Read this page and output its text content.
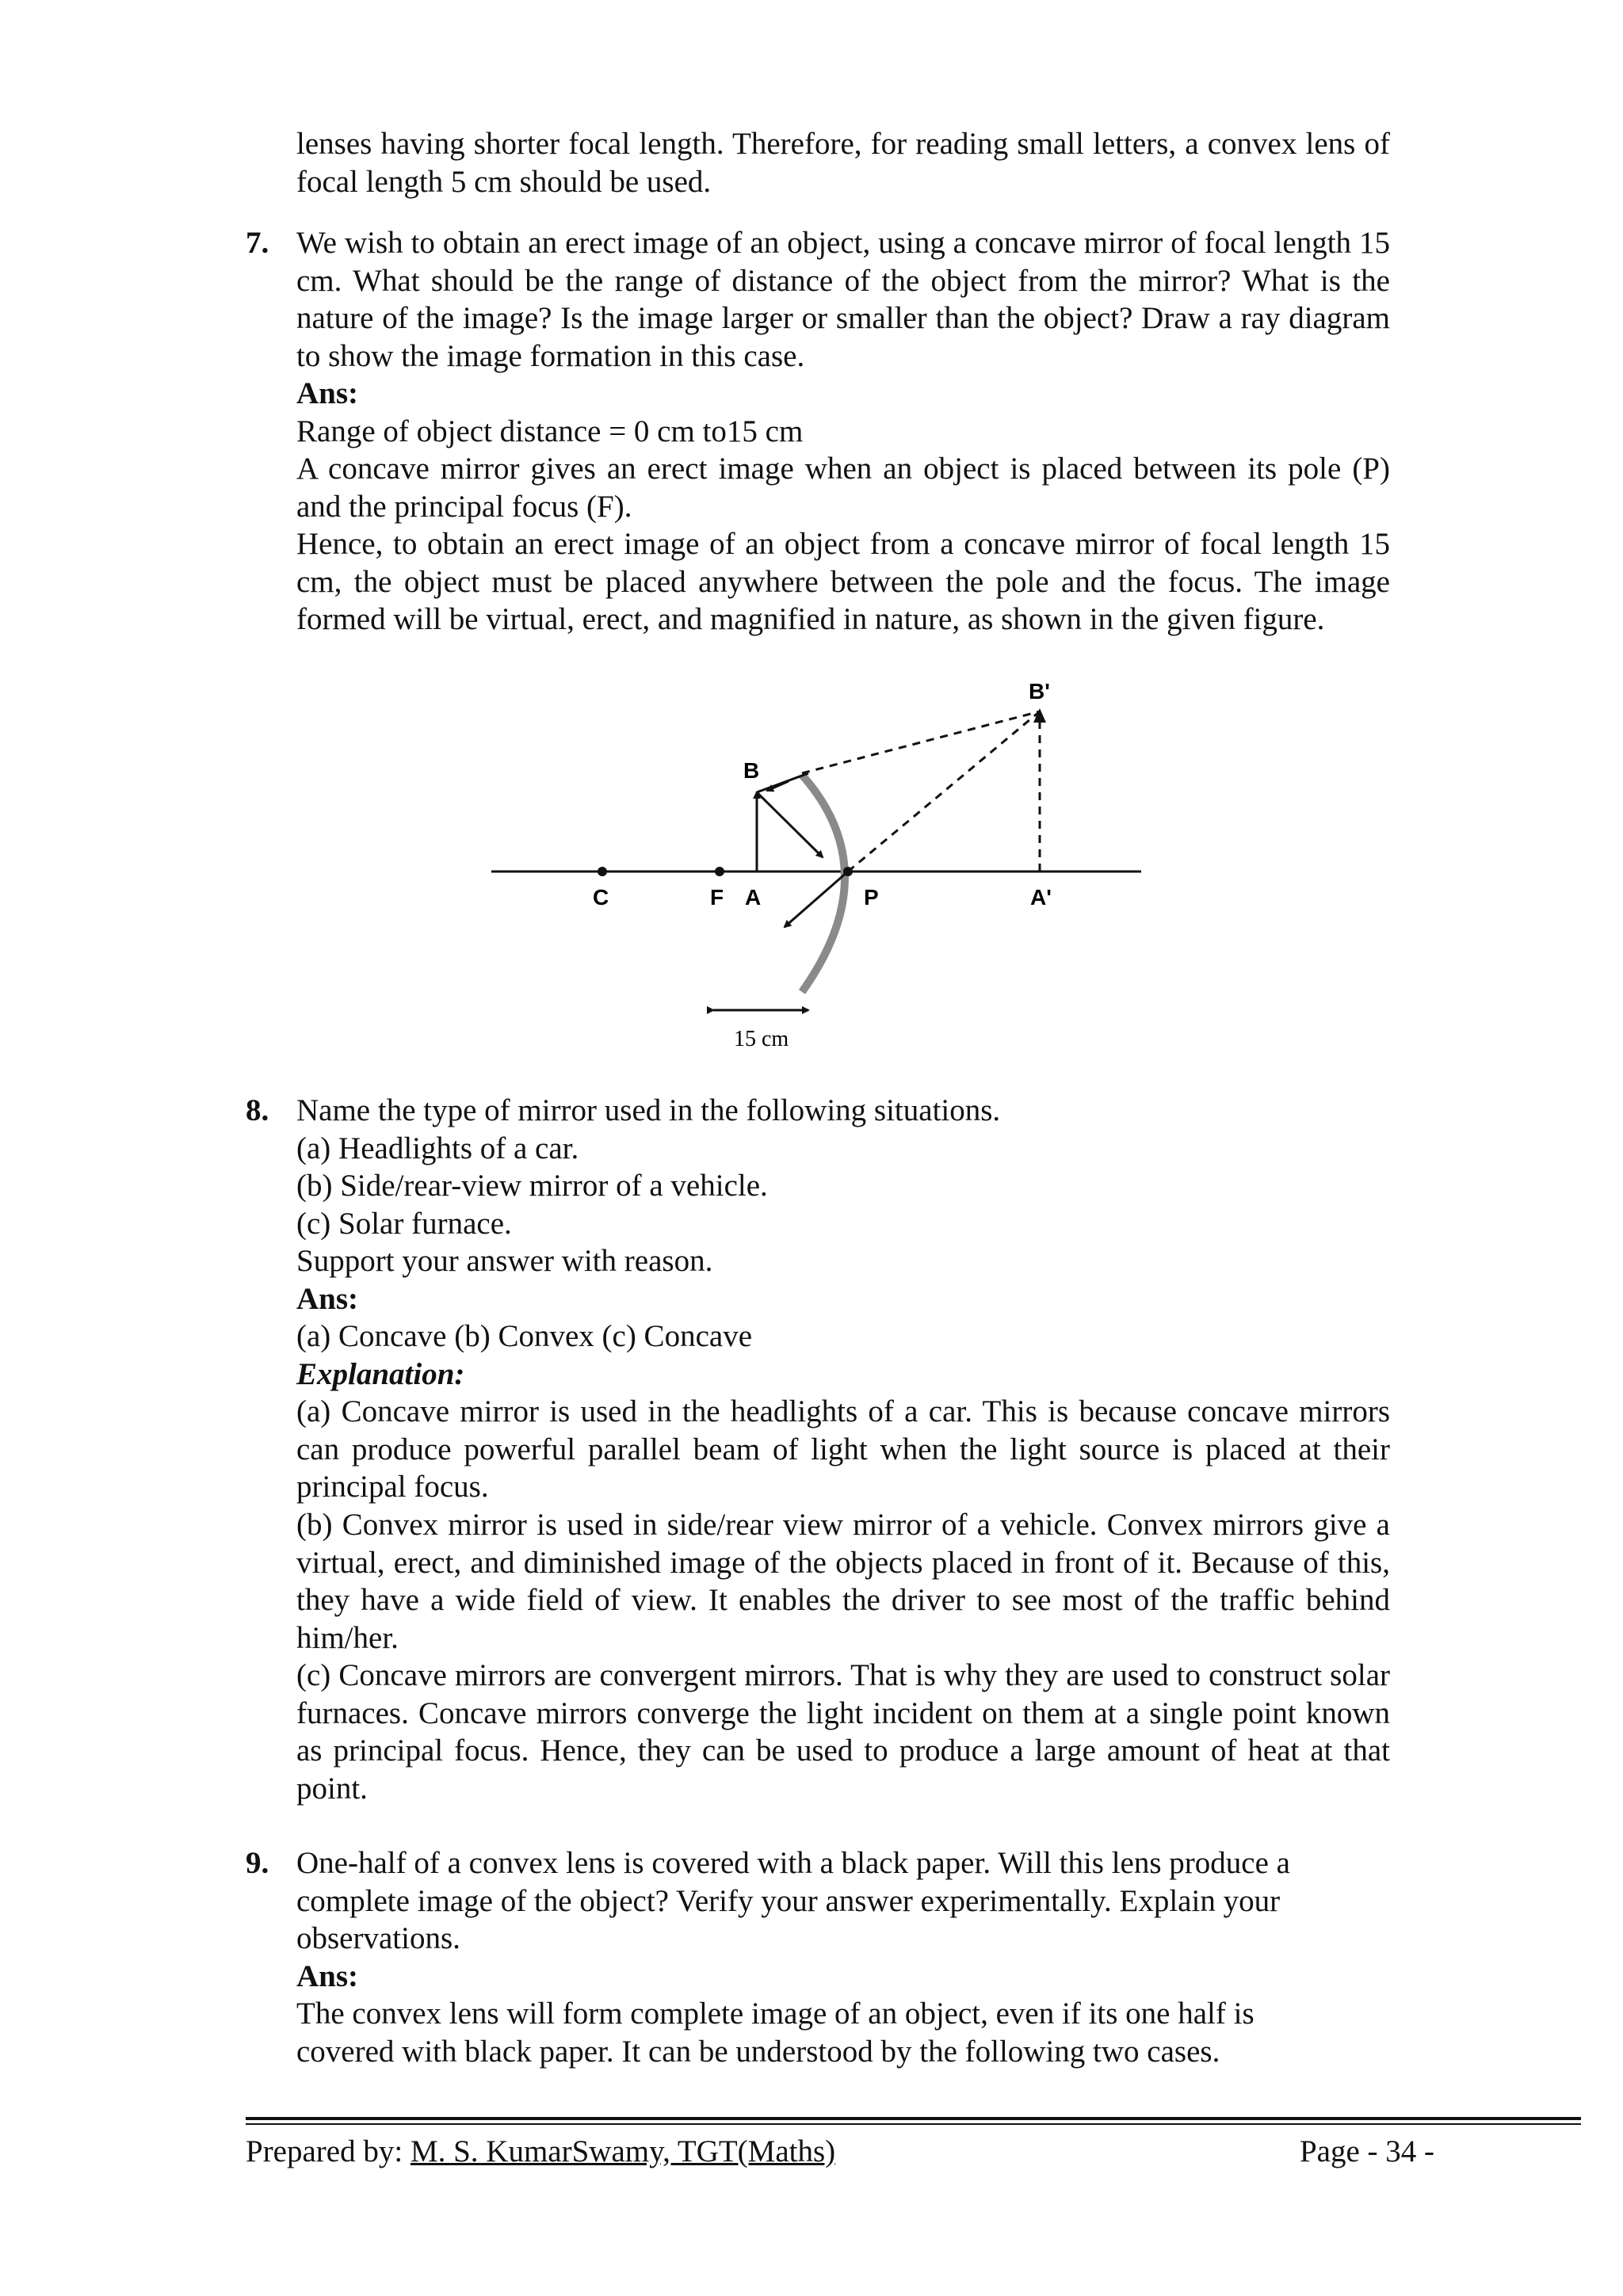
lenses having shorter focal length. Therefore, for reading small letters, a convex lens of focal length 5 cm should be used.
7. We wish to obtain an erect image of an object, using a concave mirror of focal length 15 cm. What should be the range of distance of the object from the mirror? What is the nature of the image? Is the image larger or smaller than the object? Draw a ray diagram to show the image formation in this case.
Ans:
Range of object distance = 0 cm to15 cm
A concave mirror gives an erect image when an object is placed between its pole (P) and the principal focus (F).
Hence, to obtain an erect image of an object from a concave mirror of focal length 15 cm, the object must be placed anywhere between the pole and the focus. The image formed will be virtual, erect, and magnified in nature, as shown in the given figure.
C	F A	P	A'
B
B'
15 cm
8. Name the type of mirror used in the following situations.
(a) Headlights of a car.
(b) Side/rear-view mirror of a vehicle.
(c) Solar furnace.
Support your answer with reason.
Ans:
(a) Concave (b) Convex (c) Concave
Explanation:
(a) Concave mirror is used in the headlights of a car. This is because concave mirrors can produce powerful parallel beam of light when the light source is placed at their principal focus.
(b) Convex mirror is used in side/rear view mirror of a vehicle. Convex mirrors give a virtual, erect, and diminished image of the objects placed in front of it. Because of this, they have a wide field of view. It enables the driver to see most of the traffic behind him/her.
(c) Concave mirrors are convergent mirrors. That is why they are used to construct solar furnaces. Concave mirrors converge the light incident on them at a single point known as principal focus. Hence, they can be used to produce a large amount of heat at that point.
9. One-half of a convex lens is covered with a black paper. Will this lens produce a complete image of the object? Verify your answer experimentally. Explain your observations.
Ans:
The convex lens will form complete image of an object, even if its one half is covered with black paper. It can be understood by the following two cases.
Prepared by: M. S. KumarSwamy, TGT(Maths)	Page - 34 -
